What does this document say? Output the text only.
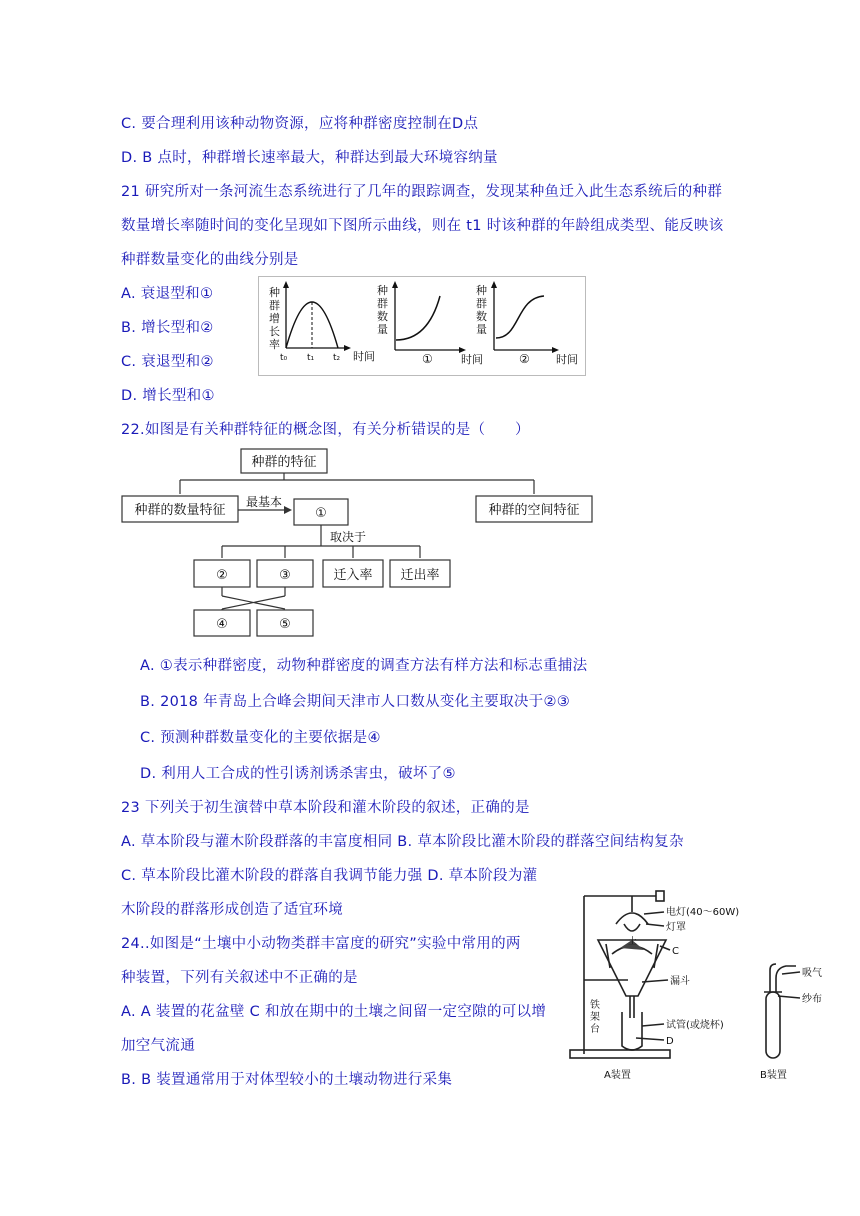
C. 要合理利用该种动物资源，应将种群密度控制在D点
D. B 点时，种群增长速率最大，种群达到最大环境容纳量
21 研究所对一条河流生态系统进行了几年的跟踪调查，发现某种鱼迁入此生态系统后的种群
数量增长率随时间的变化呈现如下图所示曲线，则在 t1 时该种群的年龄组成类型、能反映该
种群数量变化的曲线分别是
A. 衰退型和①
B. 增长型和②
C. 衰退型和②
D. 增长型和①
种
群
增
长
率
t₀ t₁ t₂ 时间
种
群
数
量
①	时间
种
群
数
量
② 时间
22.如图是有关种群特征的概念图，有关分析错误的是（　　）
种群的特征
种群的数量特征	种群的空间特征
最基本
①
取决于
②	③	迁入率 迁出率
④	⑤
A. ①表示种群密度，动物种群密度的调查方法有样方法和标志重捕法
B. 2018 年青岛上合峰会期间天津市人口数从变化主要取决于②③
C. 预测种群数量变化的主要依据是④
D. 利用人工合成的性引诱剂诱杀害虫，破坏了⑤
23 下列关于初生演替中草本阶段和灌木阶段的叙述，正确的是
A. 草本阶段与灌木阶段群落的丰富度相同 B. 草本阶段比灌木阶段的群落空间结构复杂
C. 草本阶段比灌木阶段的群落自我调节能力强 D. 草本阶段为灌
木阶段的群落形成创造了适宜环境
24..如图是“土壤中小动物类群丰富度的研究”实验中常用的两
种装置，下列有关叙述中不正确的是
A. A 装置的花盆壁 C 和放在期中的土壤之间留一定空隙的可以增
加空气流通
B. B 装置通常用于对体型较小的土壤动物进行采集
电灯(40～60W)
灯罩
土
C
漏斗
铁
架
台	试管(或烧杯)
D
A装置
吸气
纱布
B装置
